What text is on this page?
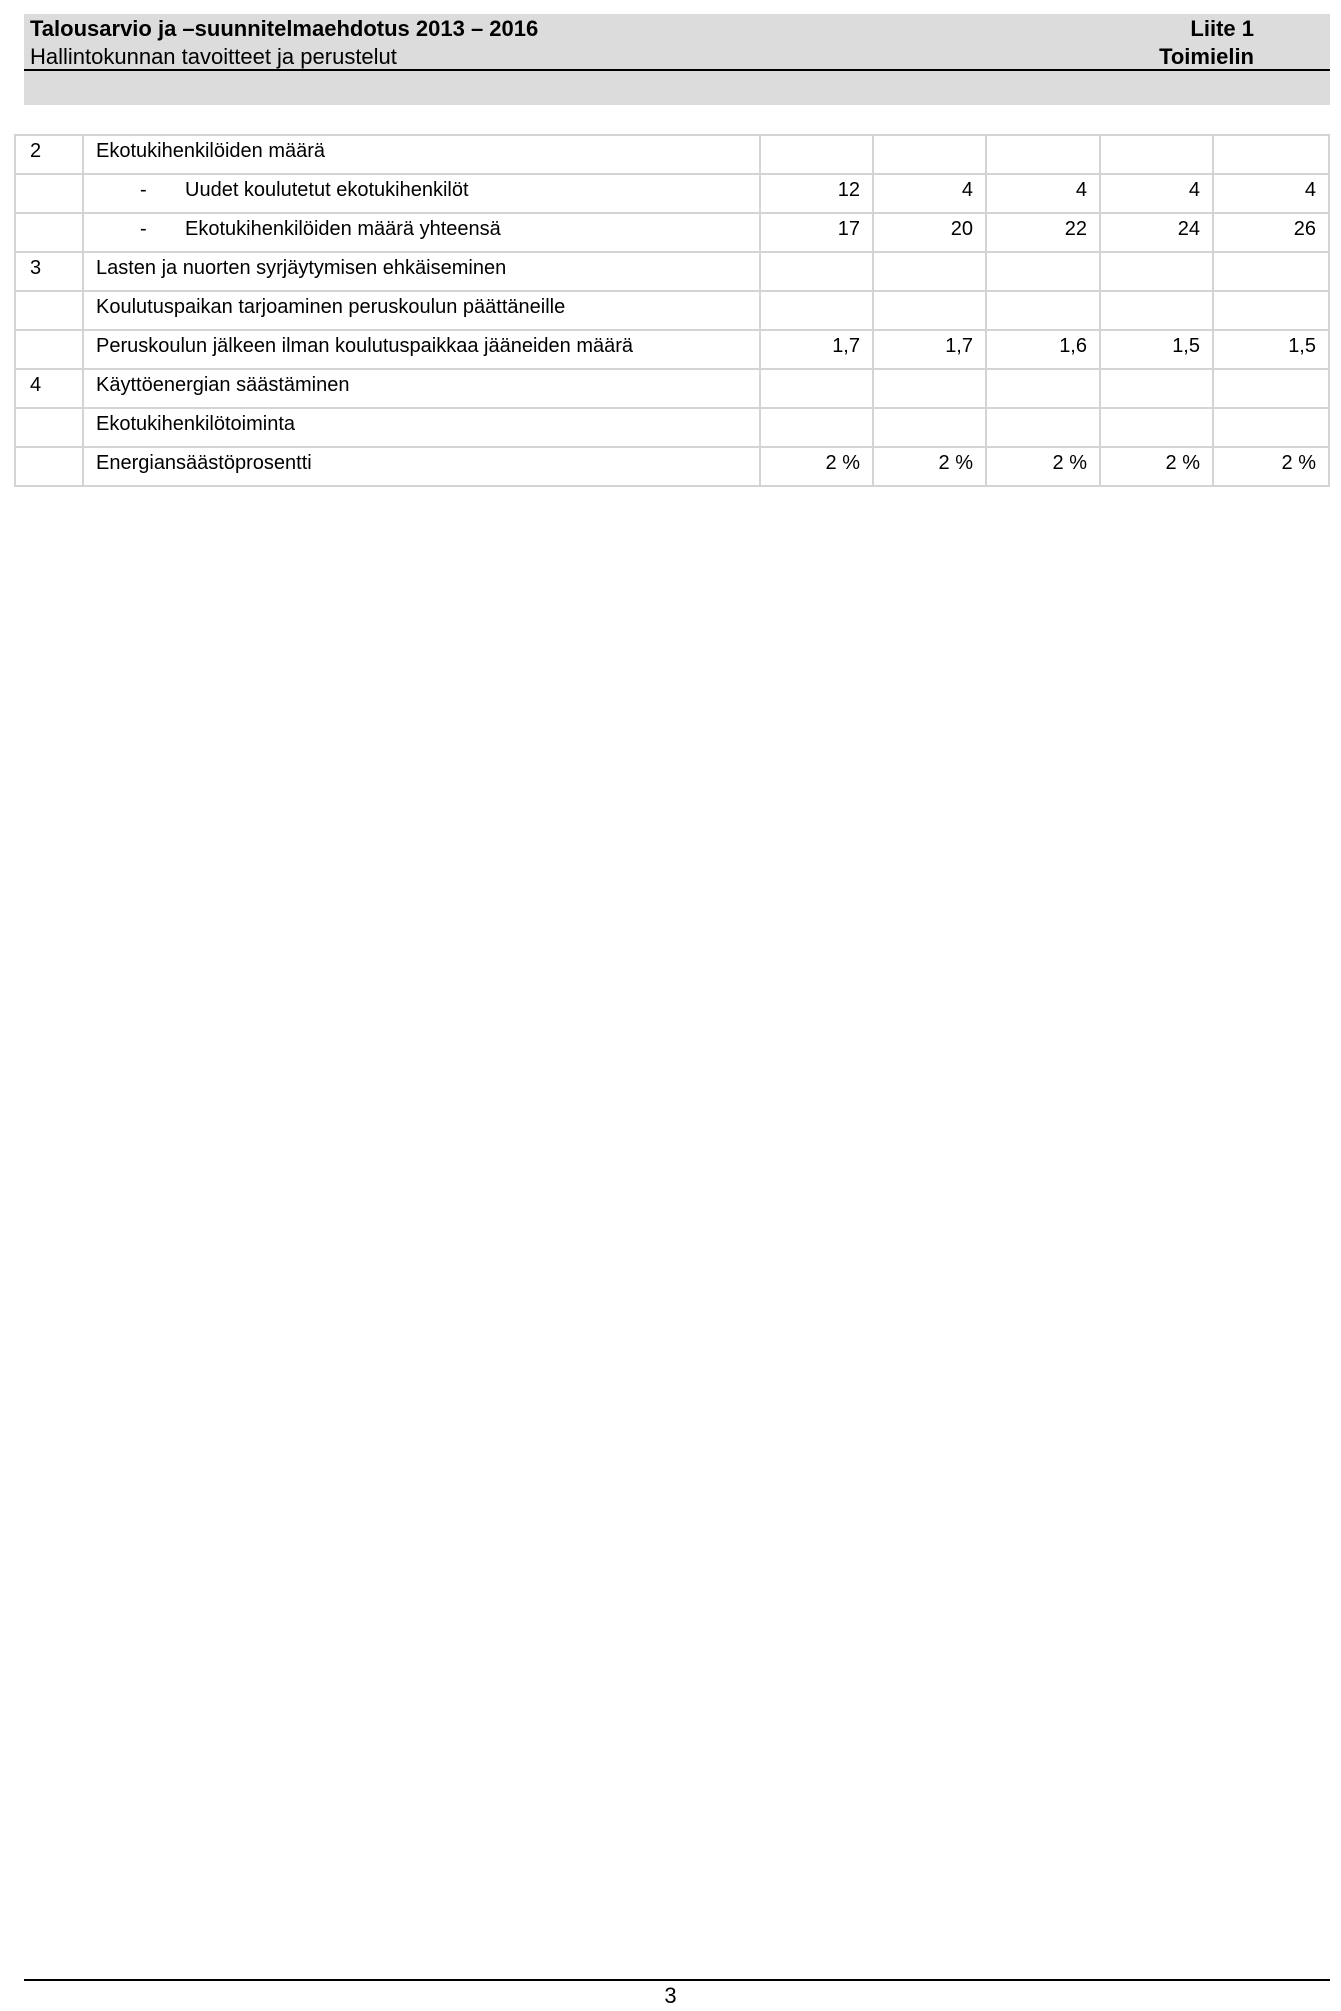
Talousarvio ja –suunnitelmaehdotus 2013 – 2016
Hallintokunnan tavoitteet ja perustelut
Liite 1
Toimielin
2	Ekotukihenkilöiden määrä					
	- Uudet koulutetut ekotukihenkilöt	12	4	4	4	4
	- Ekotukihenkilöiden määrä yhteensä	17	20	22	24	26
3	Lasten ja nuorten syrjäytymisen ehkäiseminen					
	Koulutuspaikan tarjoaminen peruskoulun päättäneille					
	Peruskoulun jälkeen ilman koulutuspaikkaa jääneiden määrä	1,7	1,7	1,6	1,5	1,5
4	Käyttöenergian säästäminen					
	Ekotukihenkilötoiminta					
	Energiansäästöprosentti	2 %	2 %	2 %	2 %	2 %
3
